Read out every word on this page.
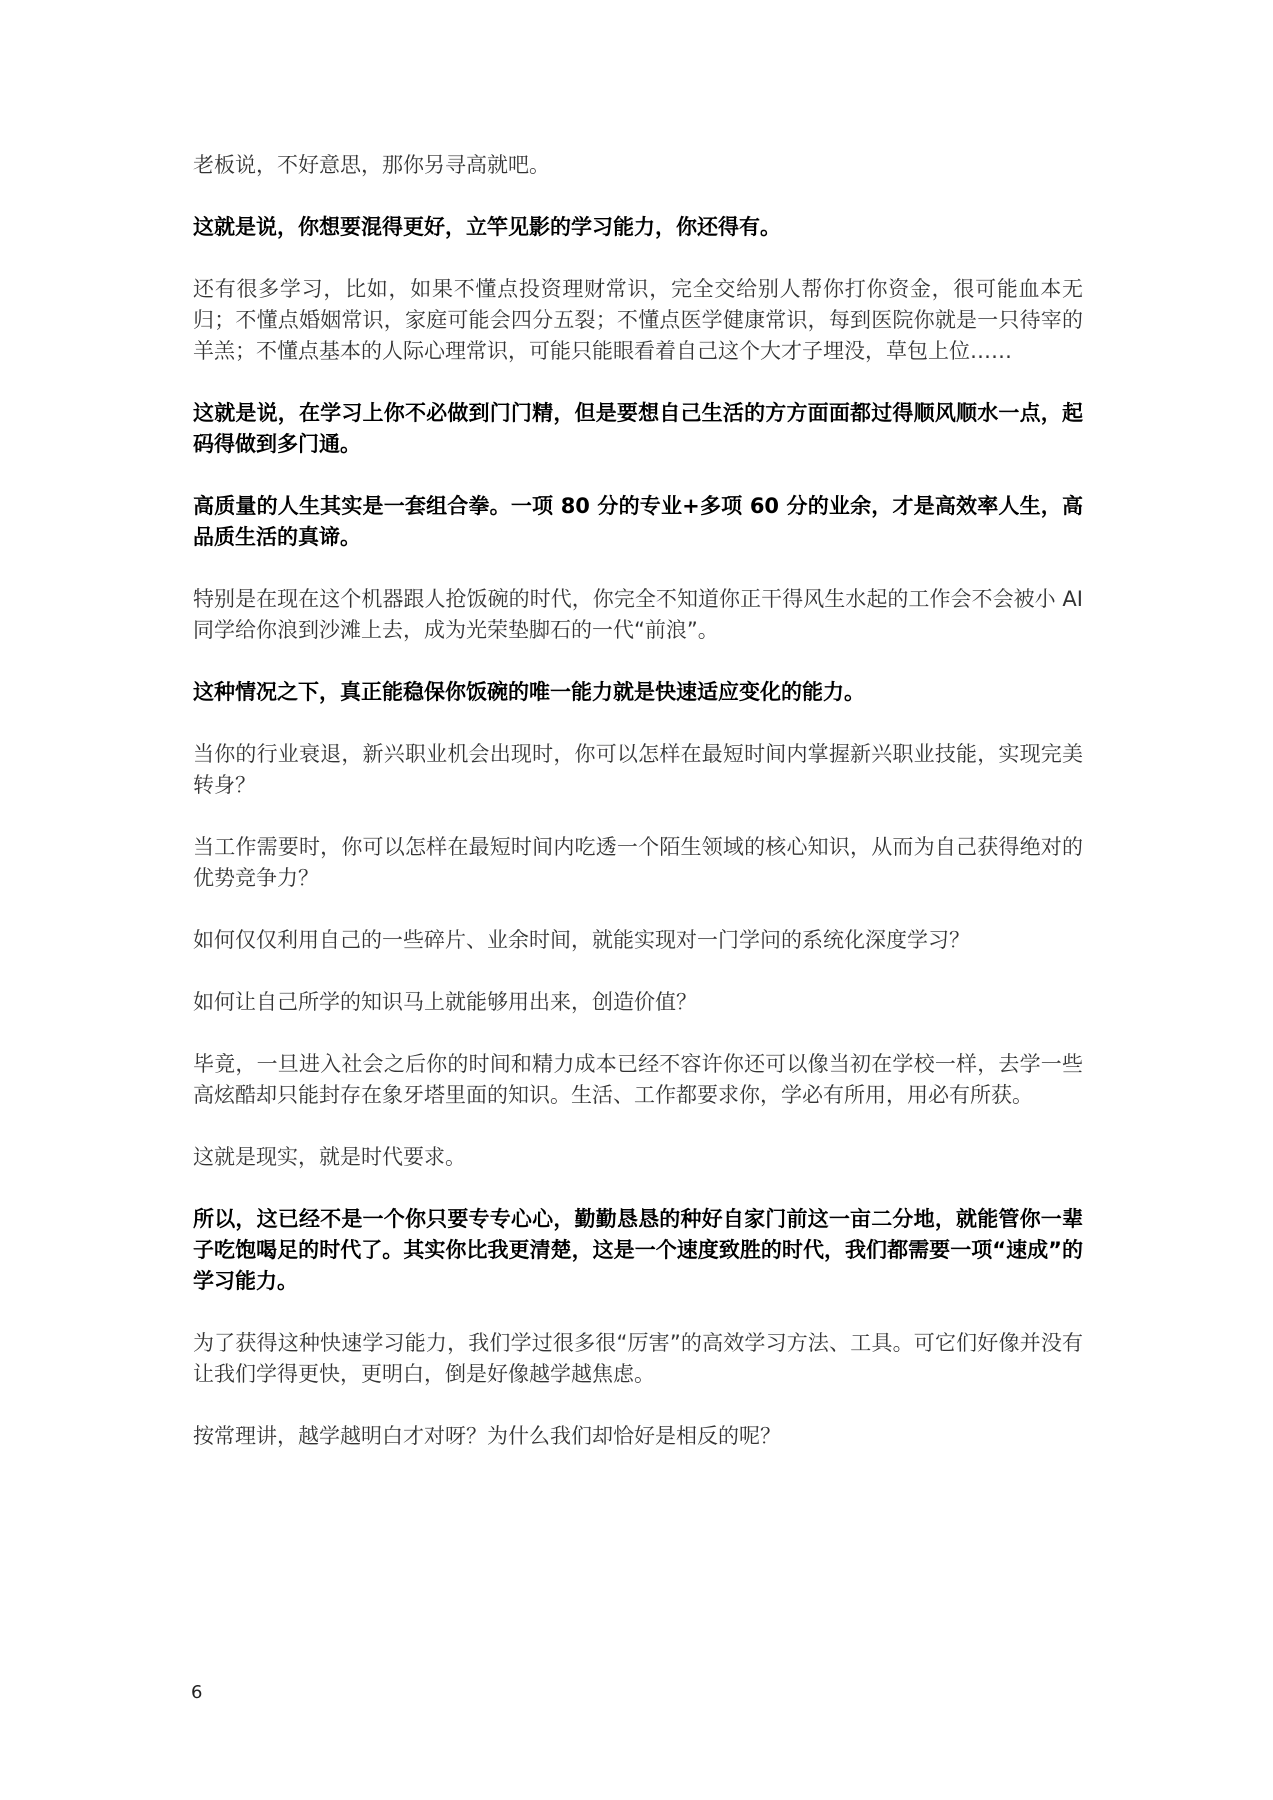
老板说，不好意思，那你另寻高就吧。

这就是说，你想要混得更好，立竿见影的学习能力，你还得有。

还有很多学习，比如，如果不懂点投资理财常识，完全交给别人帮你打你资金，很可能血本无归；不懂点婚姻常识，家庭可能会四分五裂；不懂点医学健康常识，每到医院你就是一只待宰的羊羔；不懂点基本的人际心理常识，可能只能眼看着自己这个大才子埋没，草包上位……

这就是说，在学习上你不必做到门门精，但是要想自己生活的方方面面都过得顺风顺水一点，起码得做到多门通。

高质量的人生其实是一套组合拳。一项 80 分的专业+多项 60 分的业余，才是高效率人生，高品质生活的真谛。

特别是在现在这个机器跟人抢饭碗的时代，你完全不知道你正干得风生水起的工作会不会被小 AI 同学给你浪到沙滩上去，成为光荣垫脚石的一代“前浪”。

这种情况之下，真正能稳保你饭碗的唯一能力就是快速适应变化的能力。

当你的行业衰退，新兴职业机会出现时，你可以怎样在最短时间内掌握新兴职业技能，实现完美转身？

当工作需要时，你可以怎样在最短时间内吃透一个陌生领域的核心知识，从而为自己获得绝对的优势竞争力？

如何仅仅利用自己的一些碎片、业余时间，就能实现对一门学问的系统化深度学习？

如何让自己所学的知识马上就能够用出来，创造价值？

毕竟，一旦进入社会之后你的时间和精力成本已经不容许你还可以像当初在学校一样，去学一些高炫酷却只能封存在象牙塔里面的知识。生活、工作都要求你，学必有所用，用必有所获。

这就是现实，就是时代要求。

所以，这已经不是一个你只要专专心心，勤勤恳恳的种好自家门前这一亩二分地，就能管你一辈子吃饱喝足的时代了。其实你比我更清楚，这是一个速度致胜的时代，我们都需要一项“速成”的学习能力。

为了获得这种快速学习能力，我们学过很多很“厉害”的高效学习方法、工具。可它们好像并没有让我们学得更快，更明白，倒是好像越学越焦虑。

按常理讲，越学越明白才对呀？为什么我们却恰好是相反的呢？

6
